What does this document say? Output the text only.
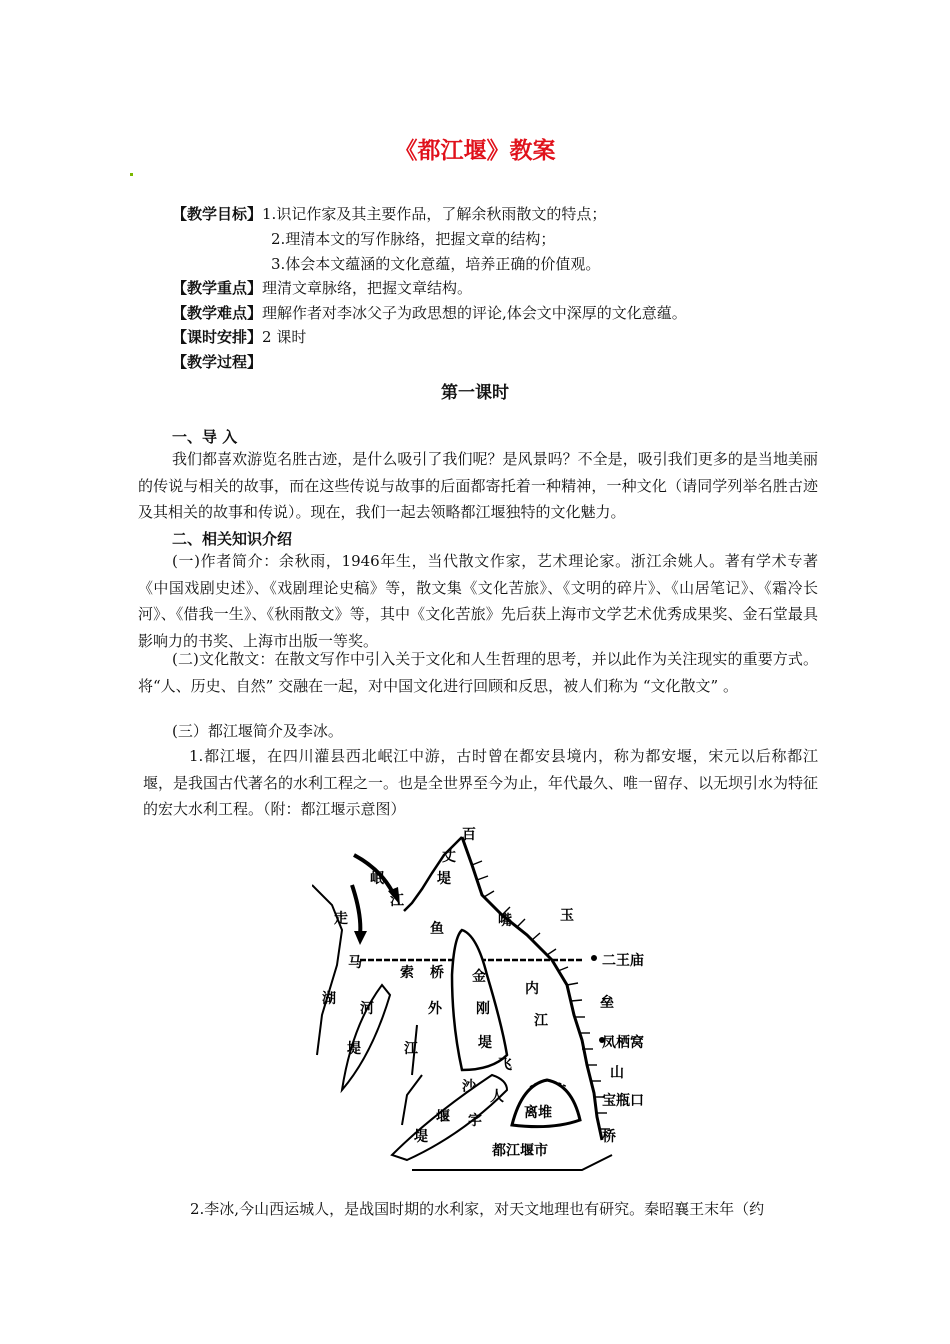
《都江堰》教案
【教学目标】1.识记作家及其主要作品，了解余秋雨散文的特点；
2.理清本文的写作脉络，把握文章的结构；
3.体会本文蕴涵的文化意蕴，培养正确的价值观。
【教学重点】理清文章脉络，把握文章结构。
【教学难点】理解作者对李冰父子为政思想的评论,体会文中深厚的文化意蕴。
【课时安排】2 课时
【教学过程】
第一课时
一、导 入
我们都喜欢游览名胜古迹，是什么吸引了我们呢？是风景吗？不全是，吸引我们更多的是当地美丽的传说与相关的故事，而在这些传说与故事的后面都寄托着一种精神，一种文化（请同学列举名胜古迹及其相关的故事和传说）。现在，我们一起去领略都江堰独特的文化魅力。
二、相关知识介绍
(一)作者简介：余秋雨，1946年生，当代散文作家，艺术理论家。浙江余姚人。著有学术专著《中国戏剧史述》、《戏剧理论史稿》等，散文集《文化苦旅》、《文明的碎片》、《山居笔记》、《霜冷长河》、《借我一生》、《秋雨散文》等，其中《文化苦旅》先后获上海市文学艺术优秀成果奖、金石堂最具影响力的书奖、上海市出版一等奖。
(二)文化散文：在散文写作中引入关于文化和人生哲理的思考，并以此作为关注现实的重要方式。将“人、历史、自然” 交融在一起，对中国文化进行回顾和反思，被人们称为 “文化散文” 。
(三）都江堰简介及李冰。
1.都江堰，在四川灌县西北岷江中游，古时曾在都安县境内，称为都安堰，宋元以后称都江堰，是我国古代著名的水利工程之一。也是全世界至今为止，年代最久、唯一留存、以无坝引水为特征的宏大水利工程。（附：都江堰示意图）
百
丈
堤
岷
江
走
马
湖
河
堤
鱼	嘴	玉
二王庙
垒
索 桥 金
刚
堤
内
江
外
江	凤栖窝
山
宝瓶口
飞
沙
堰
人
字
堤
离堆
桥
都江堰市
2.李冰,今山西运城人，是战国时期的水利家，对天文地理也有研究。秦昭襄王末年（约
